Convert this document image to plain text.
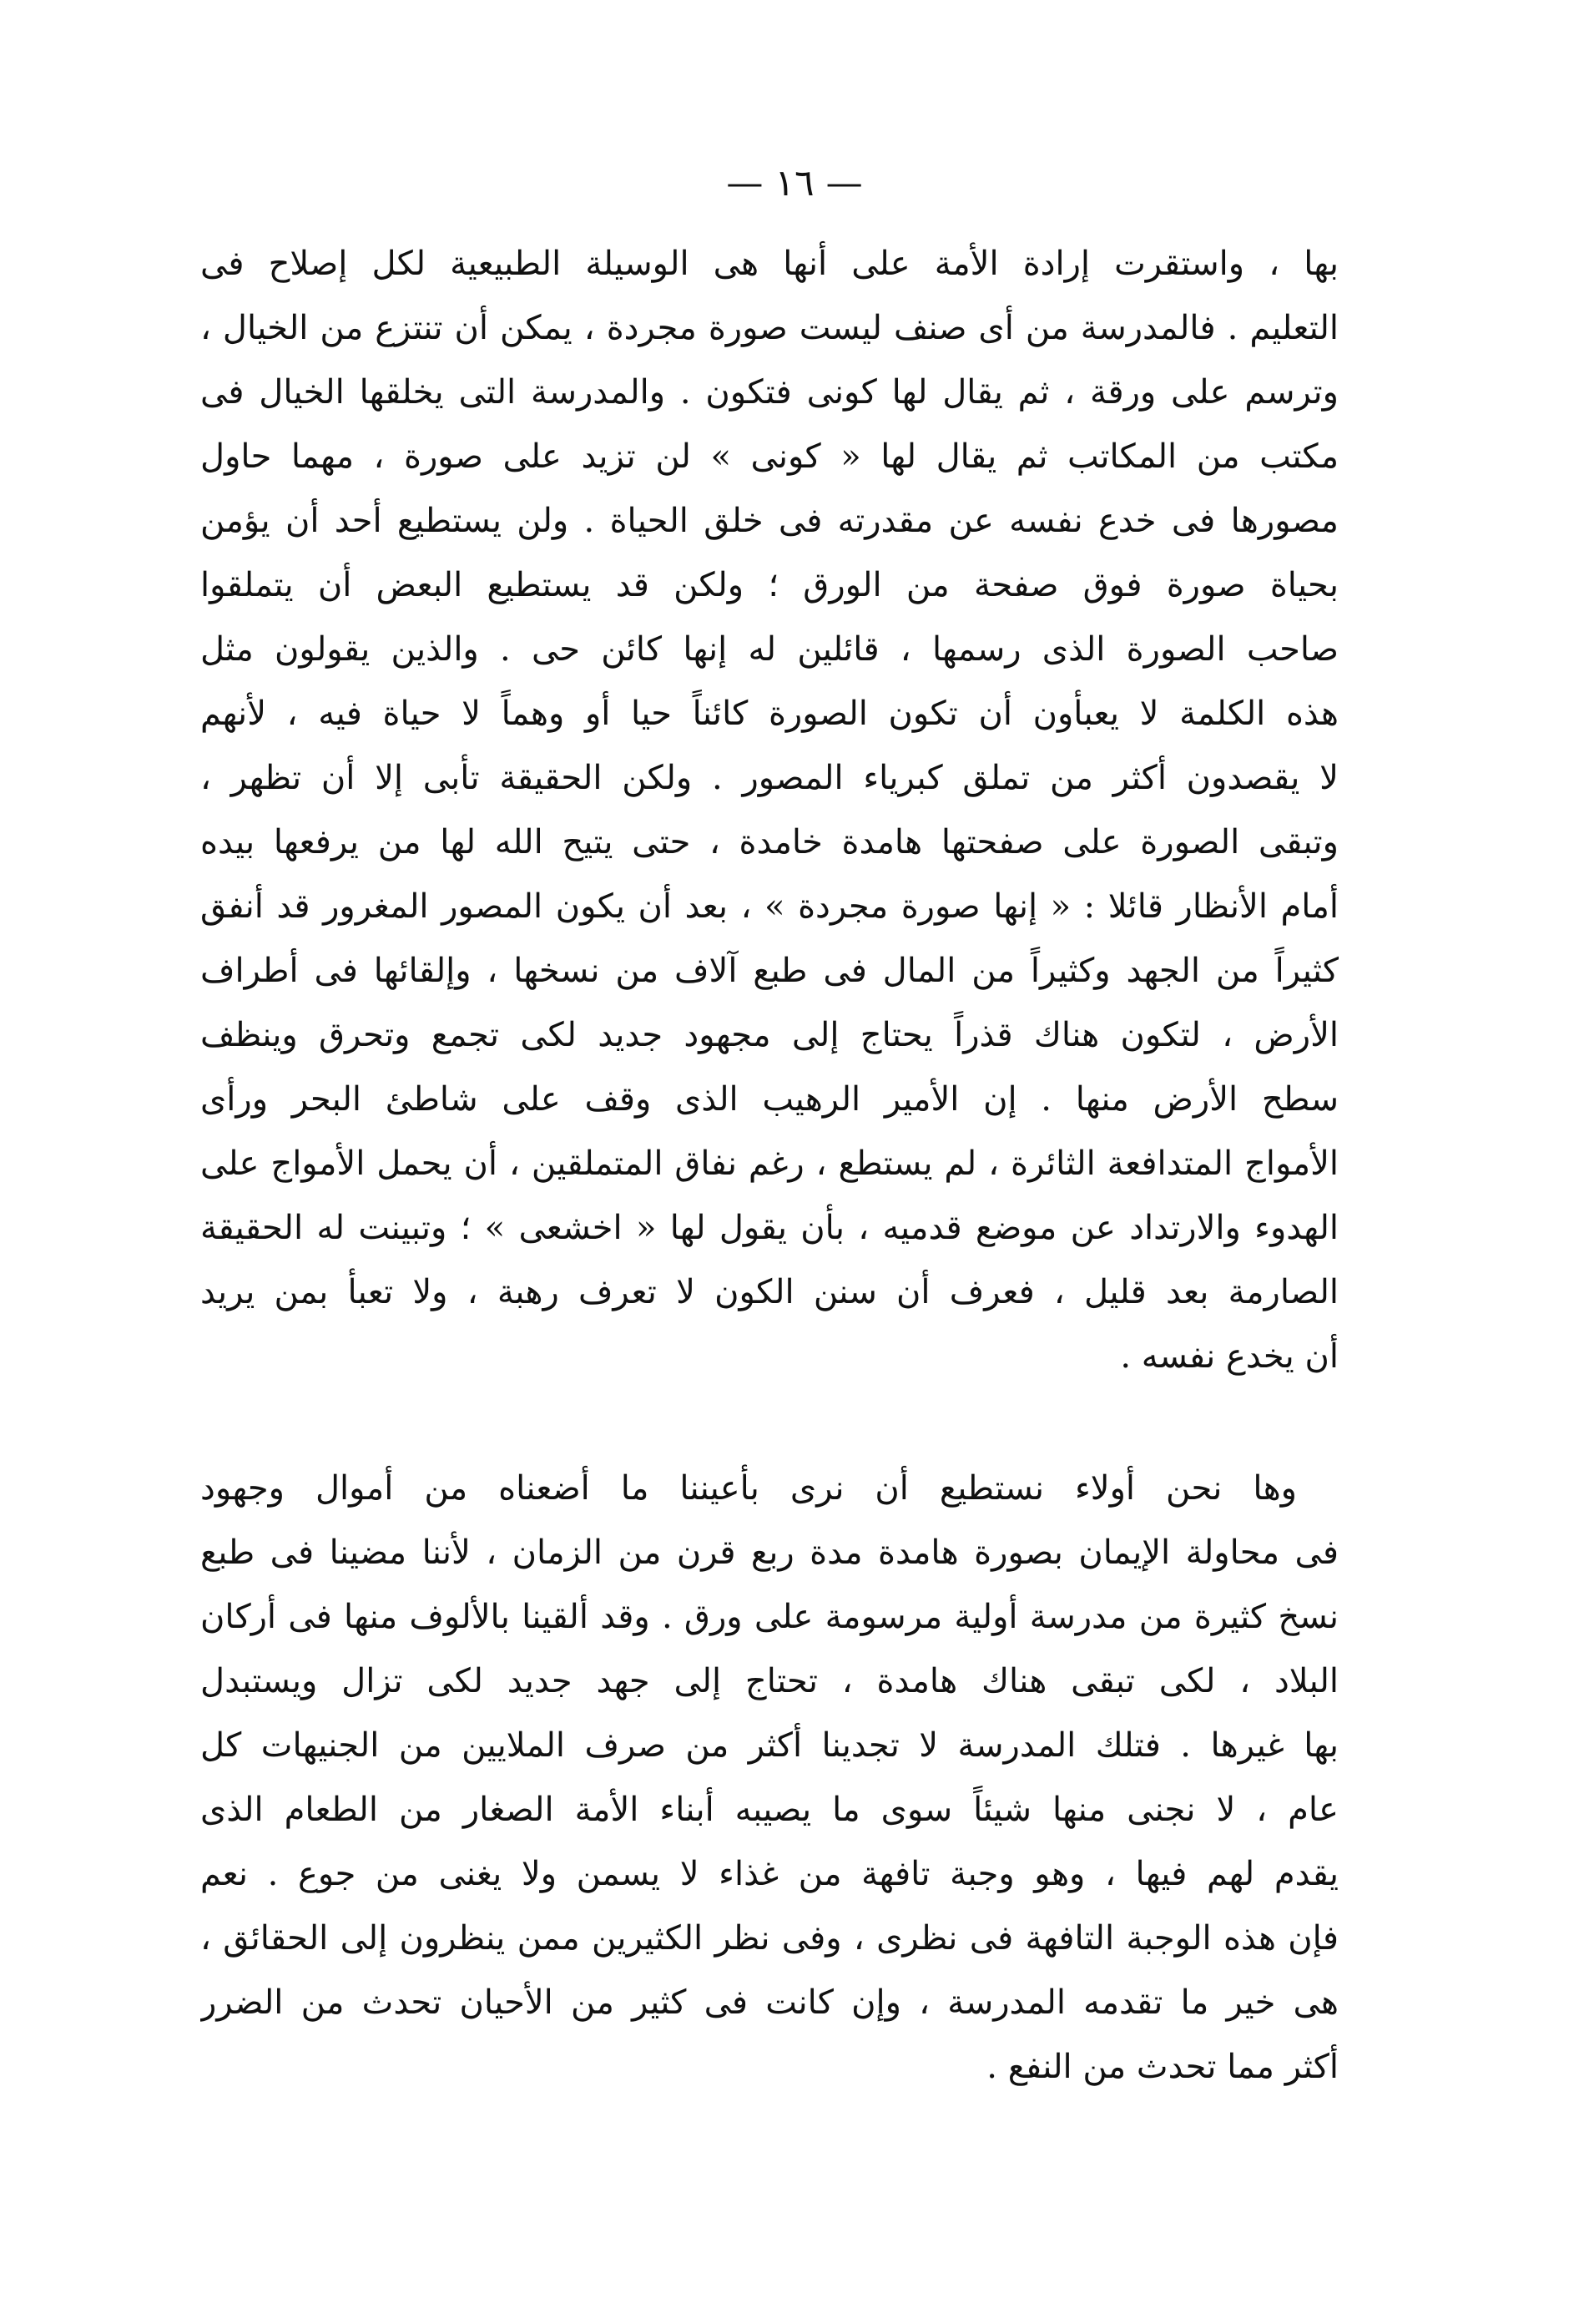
— ١٦ —
بها ، واستقرت إرادة الأمة على أنها هى الوسيلة الطبيعية لكل إصلاح فى
التعليم . فالمدرسة من أى صنف ليست صورة مجردة ، يمكن أن تنتزع من الخيال ،
وترسم على ورقة ، ثم يقال لها كونى فتكون . والمدرسة التى يخلقها الخيال فى
مكتب من المكاتب ثم يقال لها « كونى » لن تزيد على صورة ، مهما حاول
مصورها فى خدع نفسه عن مقدرته فى خلق الحياة . ولن يستطيع أحد أن يؤمن
بحياة صورة فوق صفحة من الورق ؛ ولكن قد يستطيع البعض أن يتملقوا
صاحب الصورة الذى رسمها ، قائلين له إنها كائن حى . والذين يقولون مثل
هذه الكلمة لا يعبأون أن تكون الصورة كائناً حيا أو وهماً لا حياة فيه ، لأنهم
لا يقصدون أكثر من تملق كبرياء المصور . ولكن الحقيقة تأبى إلا أن تظهر ،
وتبقى الصورة على صفحتها هامدة خامدة ، حتى يتيح الله لها من يرفعها بيده
أمام الأنظار قائلا : « إنها صورة مجردة » ، بعد أن يكون المصور المغرور قد أنفق
كثيراً من الجهد وكثيراً من المال فى طبع آلاف من نسخها ، وإلقائها فى أطراف
الأرض ، لتكون هناك قذراً يحتاج إلى مجهود جديد لكى تجمع وتحرق وينظف
سطح الأرض منها . إن الأمير الرهيب الذى وقف على شاطئ البحر ورأى
الأمواج المتدافعة الثائرة ، لم يستطع ، رغم نفاق المتملقين ، أن يحمل الأمواج على
الهدوء والارتداد عن موضع قدميه ، بأن يقول لها « اخشعى » ؛ وتبينت له الحقيقة
الصارمة بعد قليل ، فعرف أن سنن الكون لا تعرف رهبة ، ولا تعبأ بمن يريد
أن يخدع نفسه .
وها نحن أولاء نستطيع أن نرى بأعيننا ما أضعناه من أموال وجهود
فى محاولة الإيمان بصورة هامدة مدة ربع قرن من الزمان ، لأننا مضينا فى طبع
نسخ كثيرة من مدرسة أولية مرسومة على ورق . وقد ألقينا بالألوف منها فى أركان
البلاد ، لكى تبقى هناك هامدة ، تحتاج إلى جهد جديد لكى تزال ويستبدل
بها غيرها . فتلك المدرسة لا تجدينا أكثر من صرف الملايين من الجنيهات كل
عام ، لا نجنى منها شيئاً سوى ما يصيبه أبناء الأمة الصغار من الطعام الذى
يقدم لهم فيها ، وهو وجبة تافهة من غذاء لا يسمن ولا يغنى من جوع . نعم
فإن هذه الوجبة التافهة فى نظرى ، وفى نظر الكثيرين ممن ينظرون إلى الحقائق ،
هى خير ما تقدمه المدرسة ، وإن كانت فى كثير من الأحيان تحدث من الضرر
أكثر مما تحدث من النفع .
